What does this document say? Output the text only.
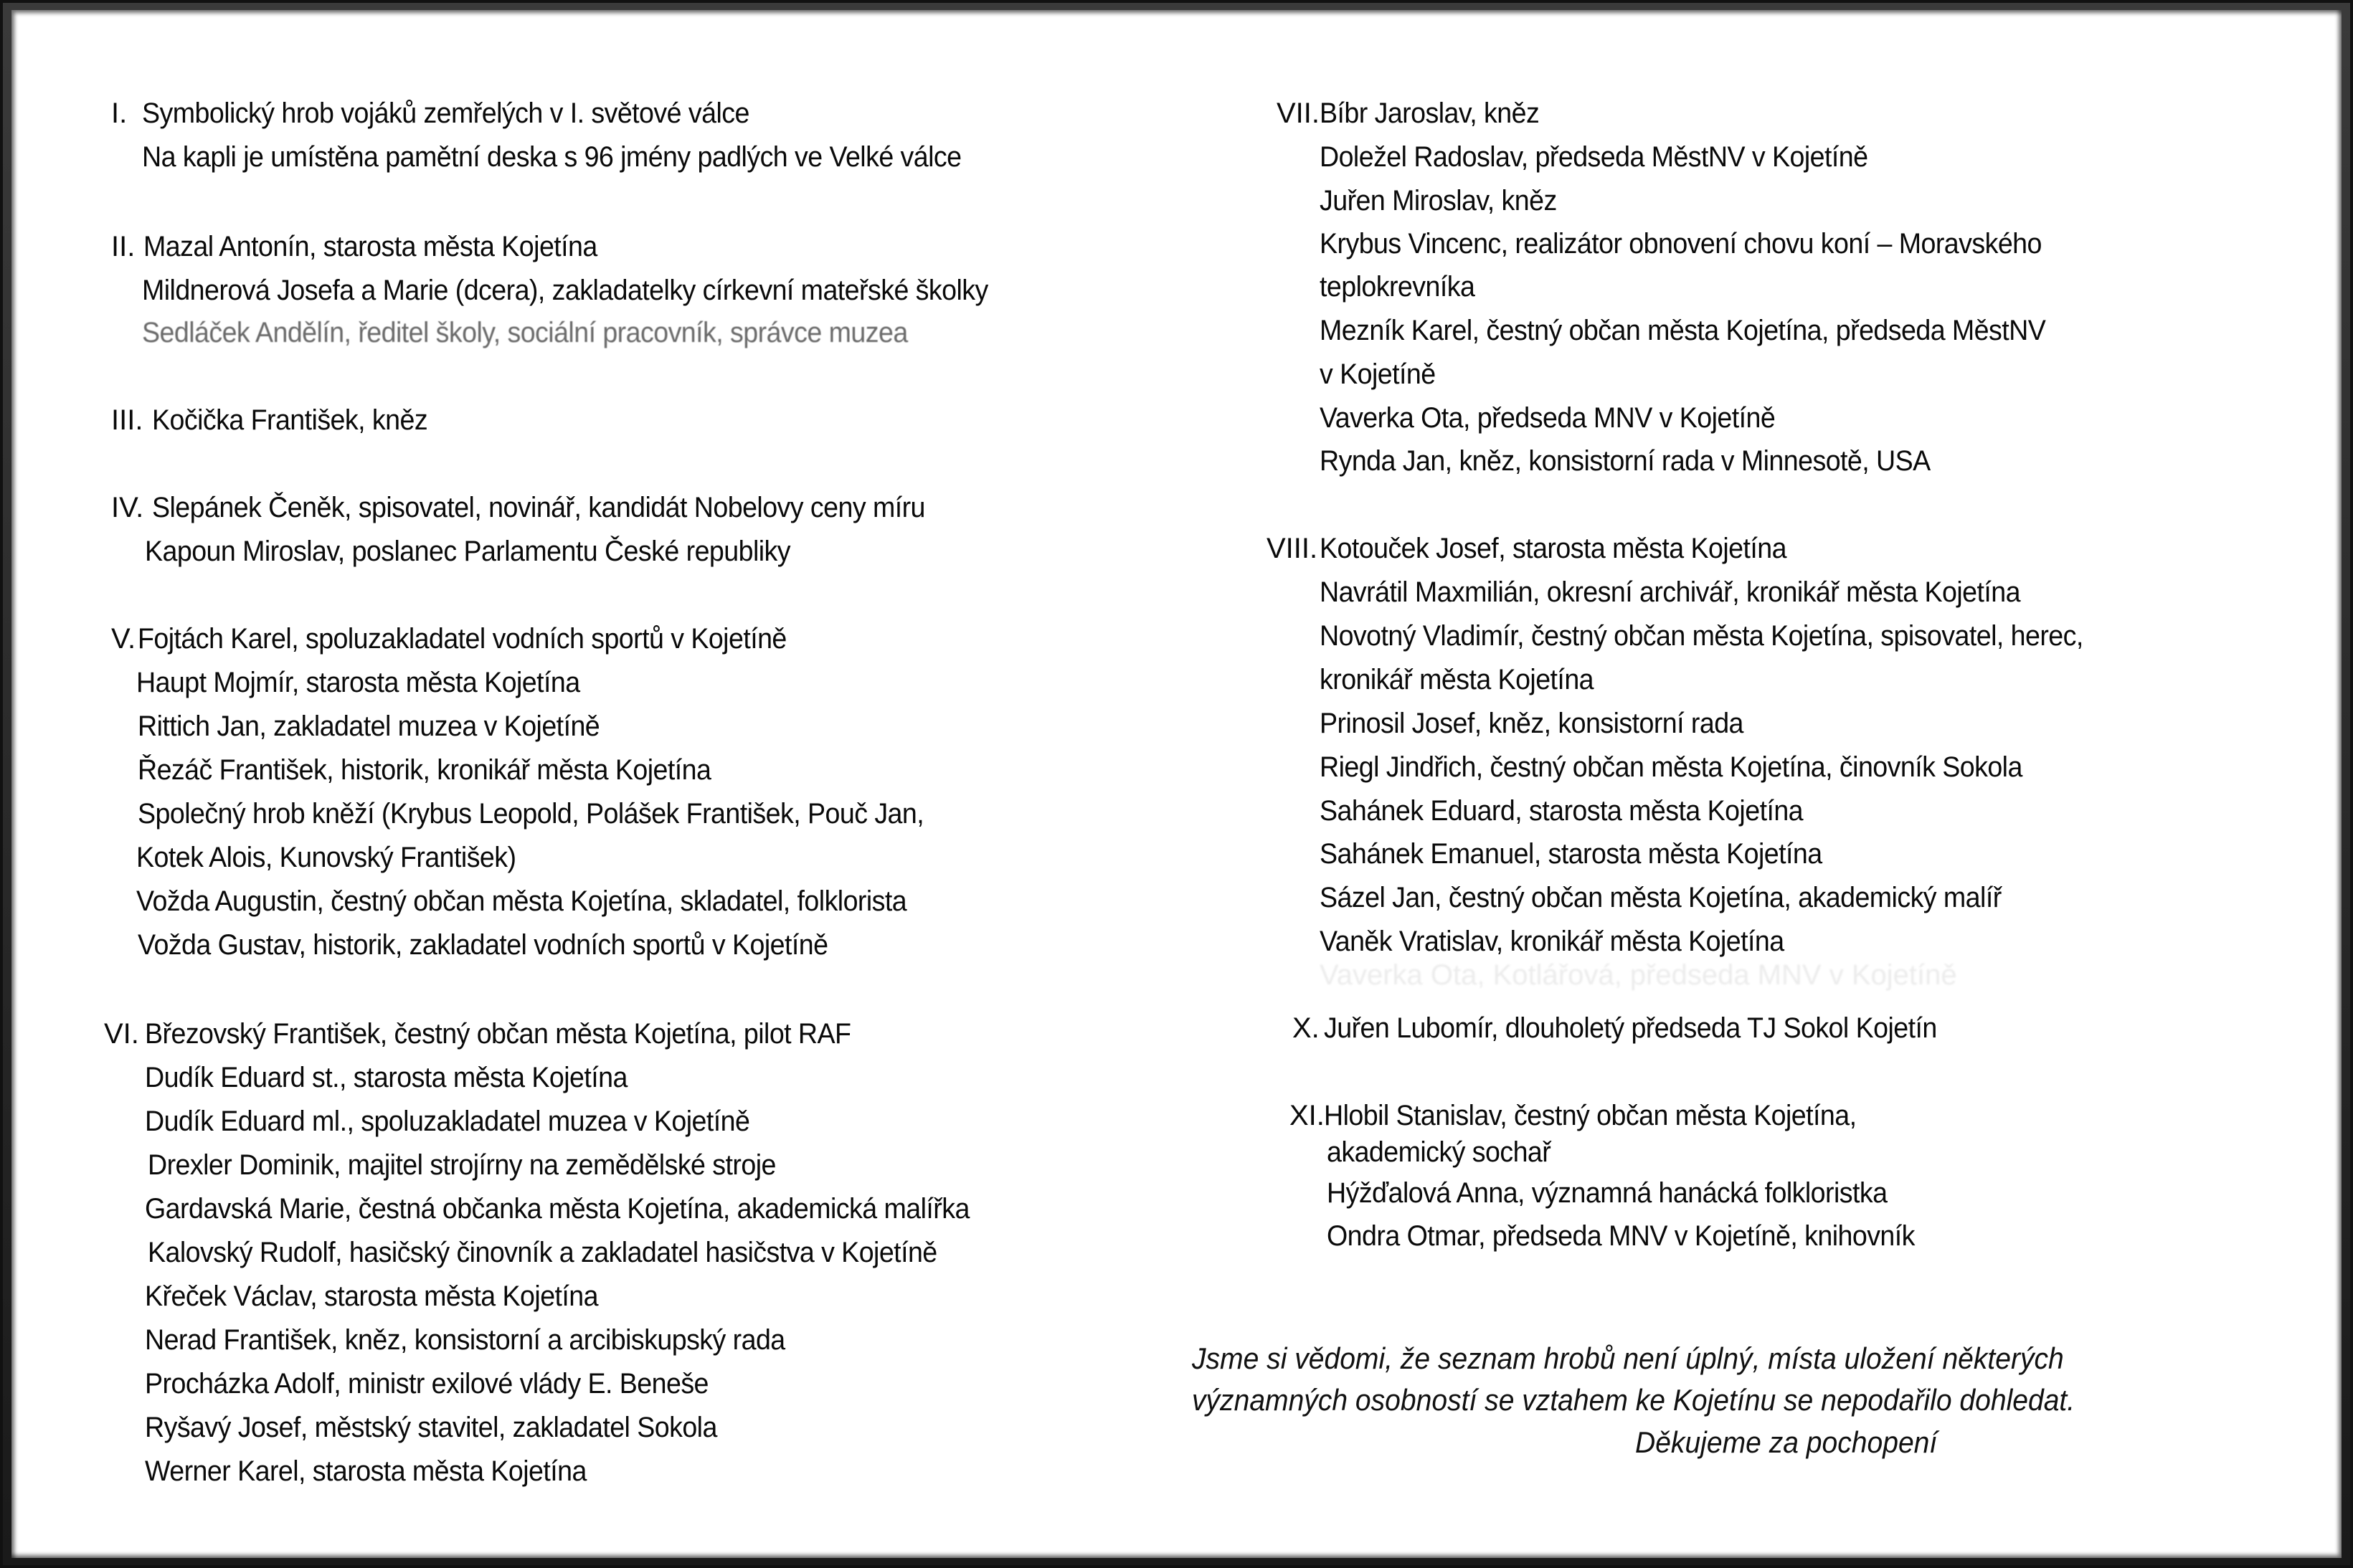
I. Symbolický hrob vojáků zemřelých v I. světové válce
Na kapli je umístěna pamětní deska s 96 jmény padlých ve Velké válce
II. Mazal Antonín, starosta města Kojetína
Mildnerová Josefa a Marie (dcera), zakladatelky církevní mateřské školky
Sedláček Andělín, ředitel školy, sociální pracovník, správce muzea
III. Kočička František, kněz
IV. Slepánek Čeněk, spisovatel, novinář, kandidát Nobelovy ceny míru
Kapoun Miroslav, poslanec Parlamentu České republiky
V. Fojtách Karel, spoluzakladatel vodních sportů v Kojetíně
Haupt Mojmír, starosta města Kojetína
Rittich Jan, zakladatel muzea v Kojetíně
Řezáč František, historik, kronikář města Kojetína
Společný hrob kněží (Krybus Leopold, Polášek František, Pouč Jan,
Kotek Alois, Kunovský František)
Vožda Augustin, čestný občan města Kojetína, skladatel, folklorista
Vožda Gustav, historik, zakladatel vodních sportů v Kojetíně
VI. Březovský František, čestný občan města Kojetína, pilot RAF
Dudík Eduard st., starosta města Kojetína
Dudík Eduard ml., spoluzakladatel muzea v Kojetíně
Drexler Dominik, majitel strojírny na zemědělské stroje
Gardavská Marie, čestná občanka města Kojetína, akademická malířka
Kalovský Rudolf, hasičský činovník a zakladatel hasičstva v Kojetíně
Křeček Václav, starosta města Kojetína
Nerad František, kněz, konsistorní a arcibiskupský rada
Procházka Adolf, ministr exilové vlády E. Beneše
Ryšavý Josef, městský stavitel, zakladatel Sokola
Werner Karel, starosta města Kojetína
VII. Bíbr Jaroslav, kněz
Doležel Radoslav, předseda MěstNV v Kojetíně
Juřen Miroslav, kněz
Krybus Vincenc, realizátor obnovení chovu koní – Moravského
teplokrevníka
Mezník Karel, čestný občan města Kojetína, předseda MěstNV
v Kojetíně
Vaverka Ota, předseda MNV v Kojetíně
Rynda Jan, kněz, konsistorní rada v Minnesotě, USA
VIII. Kotouček Josef, starosta města Kojetína
Navrátil Maxmilián, okresní archivář, kronikář města Kojetína
Novotný Vladimír, čestný občan města Kojetína, spisovatel, herec,
kronikář města Kojetína
Prinosil Josef, kněz, konsistorní rada
Riegl Jindřich, čestný občan města Kojetína, činovník Sokola
Sahánek Eduard, starosta města Kojetína
Sahánek Emanuel, starosta města Kojetína
Sázel Jan, čestný občan města Kojetína, akademický malíř
Vaněk Vratislav, kronikář města Kojetína
Vaverka Ota, Kotlářová, předseda MNV v Kojetíně
X. Juřen Lubomír, dlouholetý předseda TJ Sokol Kojetín
XI. Hlobil Stanislav, čestný občan města Kojetína,
akademický sochař
Hýžďalová Anna, významná hanácká folkloristka
Ondra Otmar, předseda MNV v Kojetíně, knihovník
Jsme si vědomi, že seznam hrobů není úplný, místa uložení některých
významných osobností se vztahem ke Kojetínu se nepodařilo dohledat.
Děkujeme za pochopení
